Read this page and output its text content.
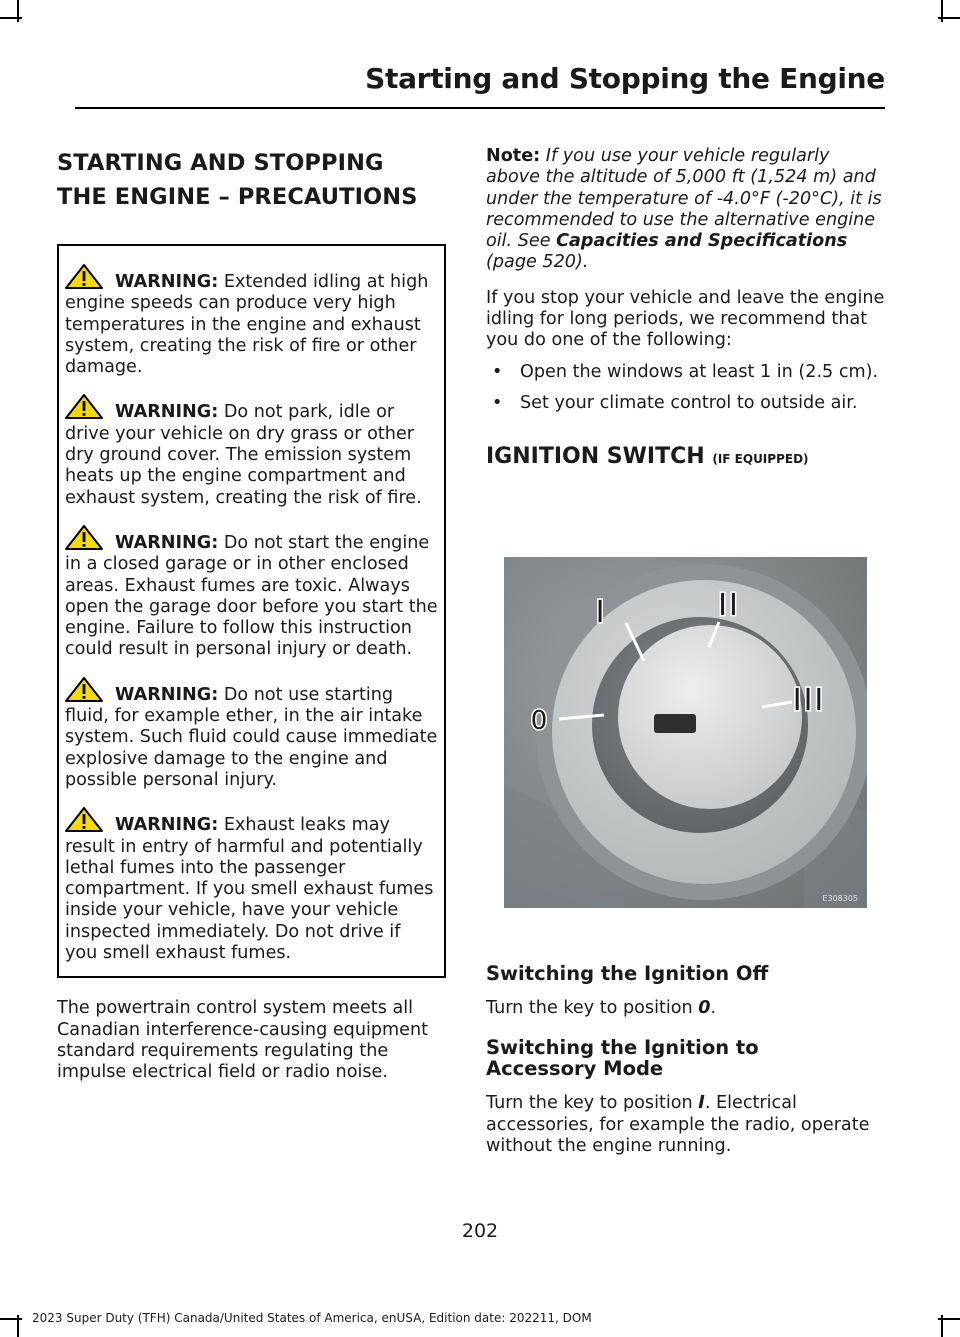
Starting and Stopping the Engine
STARTING AND STOPPING
THE ENGINE – PRECAUTIONS

WARNING: Extended idling at high engine speeds can produce very high temperatures in the engine and exhaust system, creating the risk of fire or other damage.

WARNING: Do not park, idle or drive your vehicle on dry grass or other dry ground cover. The emission system heats up the engine compartment and exhaust system, creating the risk of fire.

WARNING: Do not start the engine in a closed garage or in other enclosed areas. Exhaust fumes are toxic. Always open the garage door before you start the engine. Failure to follow this instruction could result in personal injury or death.

WARNING: Do not use starting fluid, for example ether, in the air intake system. Such fluid could cause immediate explosive damage to the engine and possible personal injury.

WARNING: Exhaust leaks may result in entry of harmful and potentially lethal fumes into the passenger compartment. If you smell exhaust fumes inside your vehicle, have your vehicle inspected immediately. Do not drive if you smell exhaust fumes.

The powertrain control system meets all Canadian interference-causing equipment standard requirements regulating the impulse electrical field or radio noise.

Note: If you use your vehicle regularly above the altitude of 5,000 ft (1,524 m) and under the temperature of -4.0°F (-20°C), it is recommended to use the alternative engine oil. See Capacities and Specifications (page 520).

If you stop your vehicle and leave the engine idling for long periods, we recommend that you do one of the following:

• Open the windows at least 1 in (2.5 cm).
• Set your climate control to outside air.
IGNITION SWITCH (IF EQUIPPED)
0
I	II
III
E308305
Switching the Ignition Off

Turn the key to position 0.

Switching the Ignition to
Accessory Mode

Turn the key to position I. Electrical accessories, for example the radio, operate without the engine running.

202
2023 Super Duty (TFH) Canada/United States of America, enUSA, Edition date: 202211, DOM
